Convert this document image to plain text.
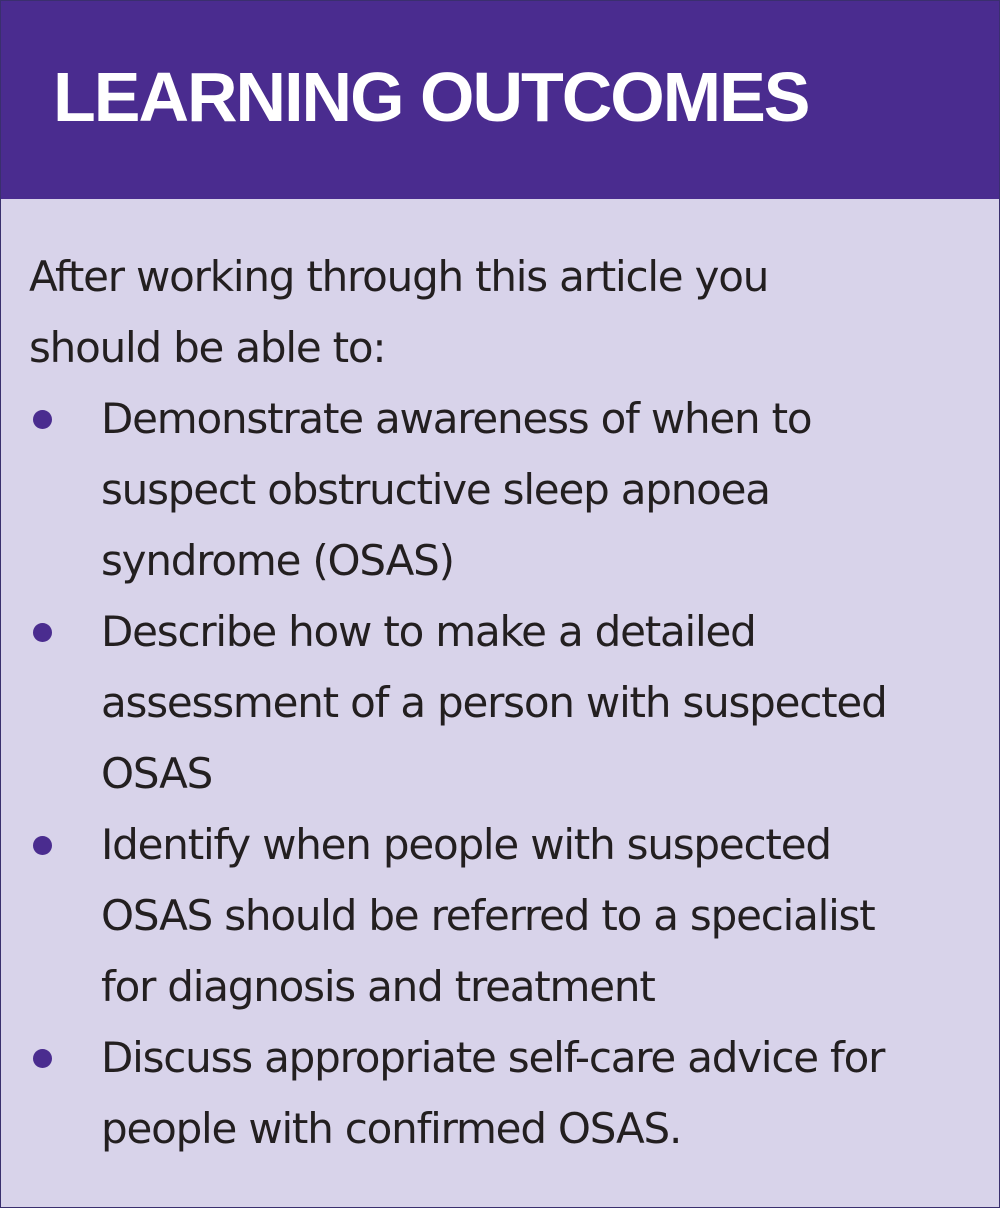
LEARNING OUTCOMES

After working through this article you
should be able to:

Demonstrate awareness of when to
suspect obstructive sleep apnoea
syndrome (OSAS)
Describe how to make a detailed
assessment of a person with suspected
OSAS
Identify when people with suspected
OSAS should be referred to a specialist
for diagnosis and treatment
Discuss appropriate self-care advice for
people with confirmed OSAS.
